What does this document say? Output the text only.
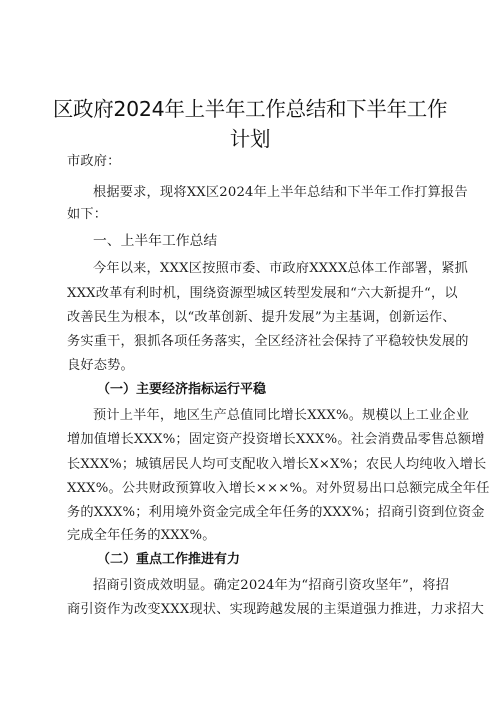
区政府2024年上半年工作总结和下半年工作
计划
市政府：
根据要求，现将XX区2024年上半年总结和下半年工作打算报告
如下：
一、上半年工作总结
今年以来，XXX区按照市委、市政府XXXX总体工作部署，紧抓
XXX改革有利时机，围绕资源型城区转型发展和“六大新提升“，以
改善民生为根本，以“改革创新、提升发展”为主基调，创新运作、
务实重干，狠抓各项任务落实，全区经济社会保持了平稳较快发展的
良好态势。
（一）主要经济指标运行平稳
预计上半年，地区生产总值同比增长XXX%。规模以上工业企业
增加值增长XXX%；固定资产投资增长XXX%。社会消费品零售总额增
长XXX%；城镇居民人均可支配收入增长X×X%；农民人均纯收入增长
XXX%。公共财政预算收入增长×××%。对外贸易出口总额完成全年任
务的XXX%；利用境外资金完成全年任务的XXX%；招商引资到位资金
完成全年任务的XXX%。
（二）重点工作推进有力
招商引资成效明显。确定2024年为“招商引资攻坚年”，将招
商引资作为改变XXX现状、实现跨越发展的主渠道强力推进，力求招大
